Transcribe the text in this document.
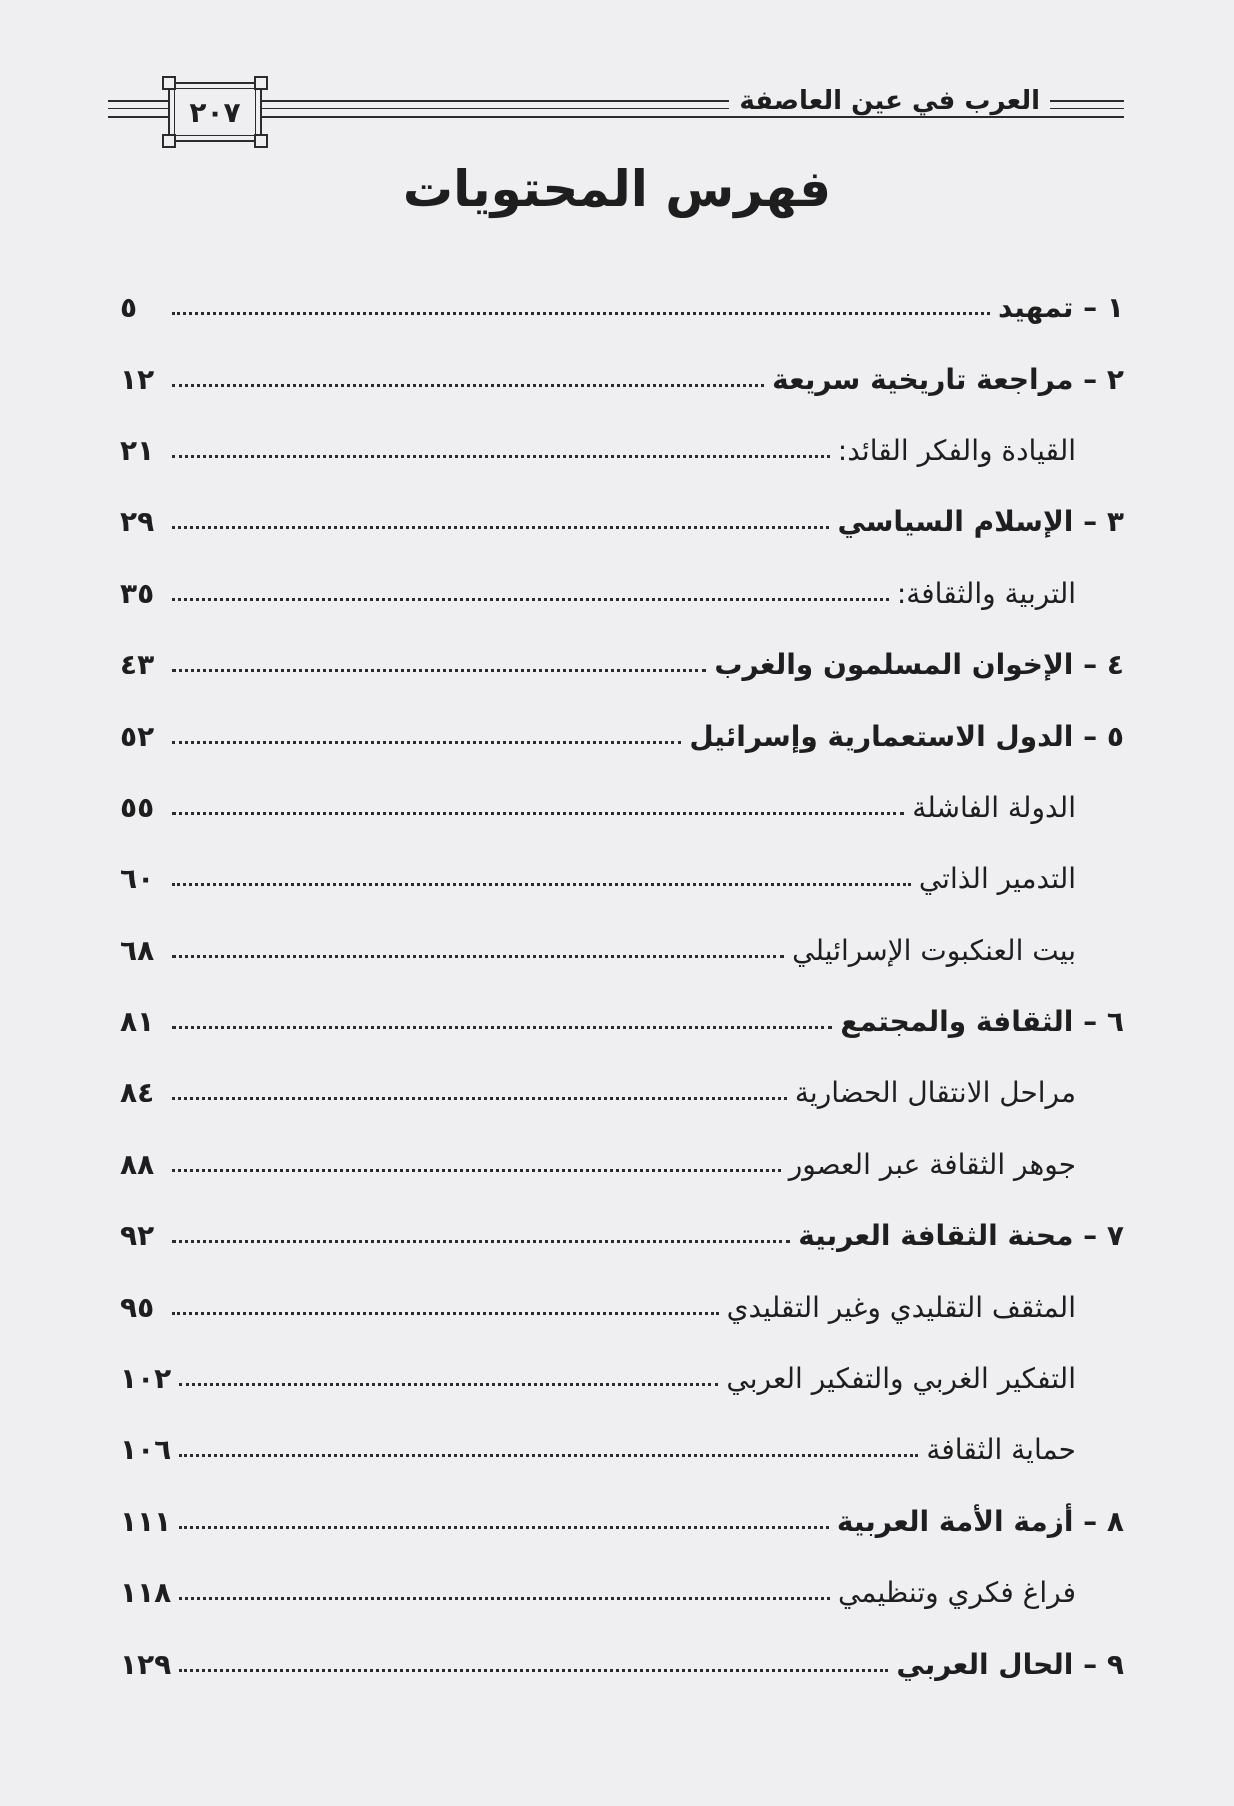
٢٠٧	العرب في عين العاصفة
فهرس المحتويات
١ – تمهيد
٥
٢ – مراجعة تاريخية سريعة
١٢
القيادة والفكر القائد:
٢١
٣ – الإسلام السياسي
٢٩
التربية والثقافة:
٣٥
٤ – الإخوان المسلمون والغرب
٤٣
٥ – الدول الاستعمارية وإسرائيل
٥٢
الدولة الفاشلة
٥٥
التدمير الذاتي
٦٠
بيت العنكبوت الإسرائيلي
٦٨
٦ – الثقافة والمجتمع
٨١
مراحل الانتقال الحضارية
٨٤
جوهر الثقافة عبر العصور
٨٨
٧ – محنة الثقافة العربية
٩٢
المثقف التقليدي وغير التقليدي
٩٥
التفكير الغربي والتفكير العربي
١٠٢
حماية الثقافة
١٠٦
٨ – أزمة الأمة العربية
١١١
فراغ فكري وتنظيمي
١١٨
٩ – الحال العربي
١٢٩
